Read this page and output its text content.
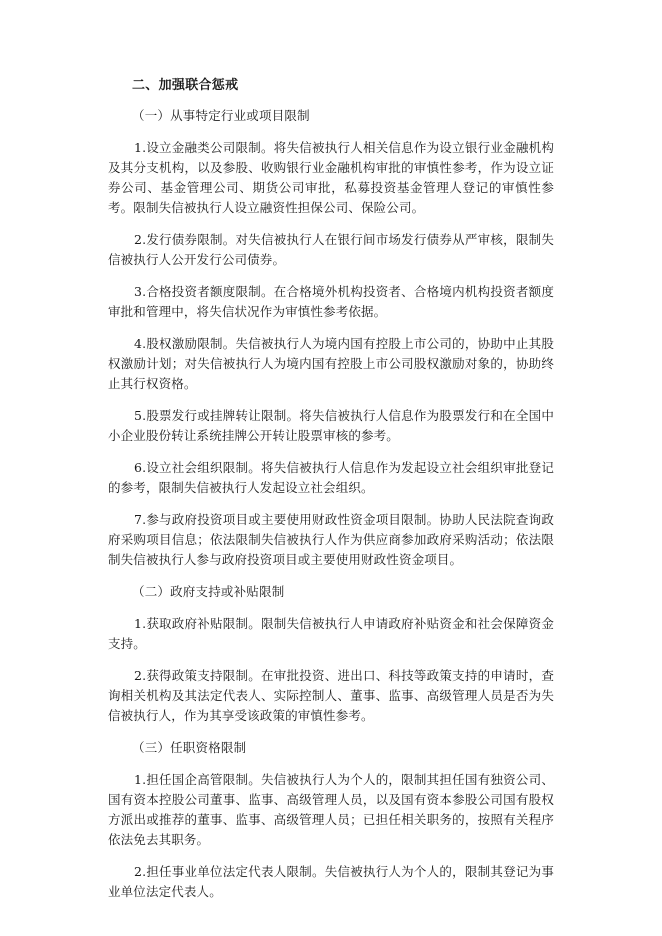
二、加强联合惩戒
（一）从事特定行业或项目限制

1.设立金融类公司限制。将失信被执行人相关信息作为设立银行业金融机构及其分支机构，以及参股、收购银行业金融机构审批的审慎性参考，作为设立证券公司、基金管理公司、期货公司审批，私募投资基金管理人登记的审慎性参考。限制失信被执行人设立融资性担保公司、保险公司。

2.发行债券限制。对失信被执行人在银行间市场发行债券从严审核，限制失信被执行人公开发行公司债券。

3.合格投资者额度限制。在合格境外机构投资者、合格境内机构投资者额度审批和管理中，将失信状况作为审慎性参考依据。

4.股权激励限制。失信被执行人为境内国有控股上市公司的，协助中止其股权激励计划；对失信被执行人为境内国有控股上市公司股权激励对象的，协助终止其行权资格。

5.股票发行或挂牌转让限制。将失信被执行人信息作为股票发行和在全国中小企业股份转让系统挂牌公开转让股票审核的参考。

6.设立社会组织限制。将失信被执行人信息作为发起设立社会组织审批登记的参考，限制失信被执行人发起设立社会组织。

7.参与政府投资项目或主要使用财政性资金项目限制。协助人民法院查询政府采购项目信息；依法限制失信被执行人作为供应商参加政府采购活动；依法限制失信被执行人参与政府投资项目或主要使用财政性资金项目。

（二）政府支持或补贴限制

1.获取政府补贴限制。限制失信被执行人申请政府补贴资金和社会保障资金支持。

2.获得政策支持限制。在审批投资、进出口、科技等政策支持的申请时，查询相关机构及其法定代表人、实际控制人、董事、监事、高级管理人员是否为失信被执行人，作为其享受该政策的审慎性参考。

（三）任职资格限制

1.担任国企高管限制。失信被执行人为个人的，限制其担任国有独资公司、国有资本控股公司董事、监事、高级管理人员，以及国有资本参股公司国有股权方派出或推荐的董事、监事、高级管理人员；已担任相关职务的，按照有关程序依法免去其职务。

2.担任事业单位法定代表人限制。失信被执行人为个人的，限制其登记为事业单位法定代表人。
